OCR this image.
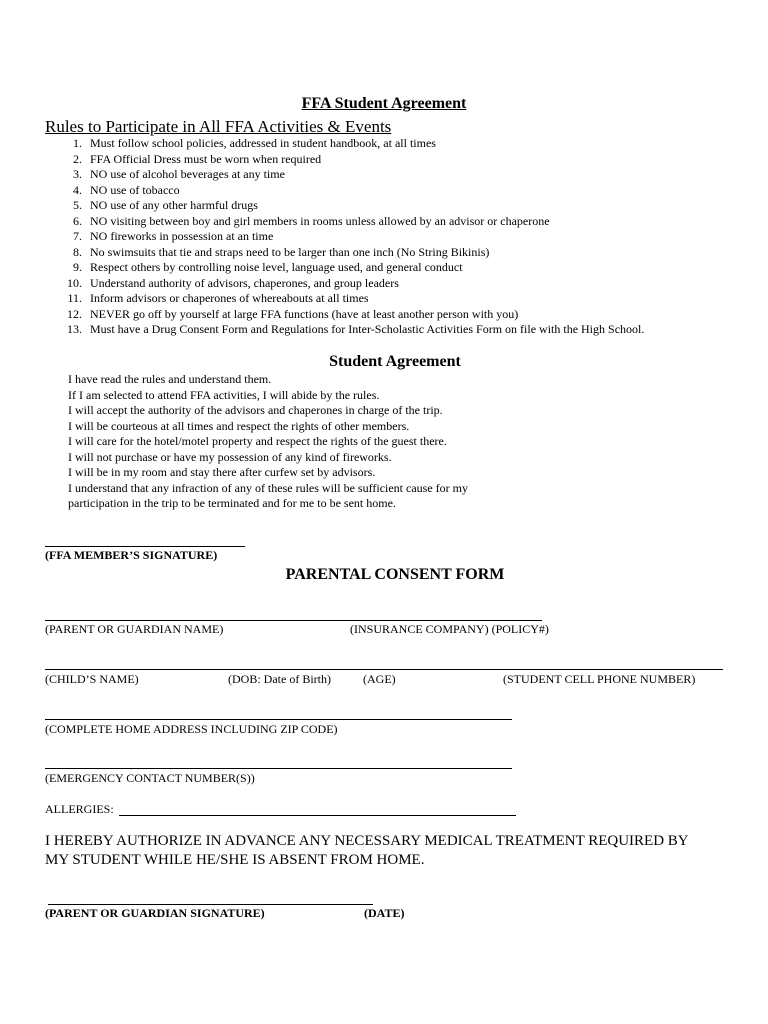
FFA Student Agreement
Rules to Participate in All FFA Activities & Events
1. Must follow school policies, addressed in student handbook, at all times
2. FFA Official Dress must be worn when required
3. NO use of alcohol beverages at any time
4. NO use of tobacco
5. NO use of any other harmful drugs
6. NO visiting between boy and girl members in rooms unless allowed by an advisor or chaperone
7. NO fireworks in possession at an time
8. No swimsuits that tie and straps need to be larger than one inch (No String Bikinis)
9. Respect others by controlling noise level, language used, and general conduct
10. Understand authority of advisors, chaperones, and group leaders
11. Inform advisors or chaperones of whereabouts at all times
12. NEVER go off by yourself at large FFA functions (have at least another person with you)
13. Must have a Drug Consent Form and Regulations for Inter-Scholastic Activities Form on file with the High School.
Student Agreement
I have read the rules and understand them.
If I am selected to attend FFA activities, I will abide by the rules.
I will accept the authority of the advisors and chaperones in charge of the trip.
I will be courteous at all times and respect the rights of other members.
I will care for the hotel/motel property and respect the rights of the guest there.
I will not purchase or have my possession of any kind of fireworks.
I will be in my room and stay there after curfew set by advisors.
I understand that any infraction of any of these rules will be sufficient cause for my
participation in the trip to be terminated and for me to be sent home.
(FFA MEMBER’S SIGNATURE)
PARENTAL CONSENT FORM
(PARENT OR GUARDIAN NAME)	(INSURANCE COMPANY) (POLICY#)
(CHILD’S NAME)	(DOB: Date of Birth)	(AGE)	(STUDENT CELL PHONE NUMBER)
(COMPLETE HOME ADDRESS INCLUDING ZIP CODE)
(EMERGENCY CONTACT NUMBER(S))
ALLERGIES:
I HEREBY AUTHORIZE IN ADVANCE ANY NECESSARY MEDICAL TREATMENT REQUIRED BY
MY STUDENT WHILE HE/SHE IS ABSENT FROM HOME.
(PARENT OR GUARDIAN SIGNATURE)	(DATE)
